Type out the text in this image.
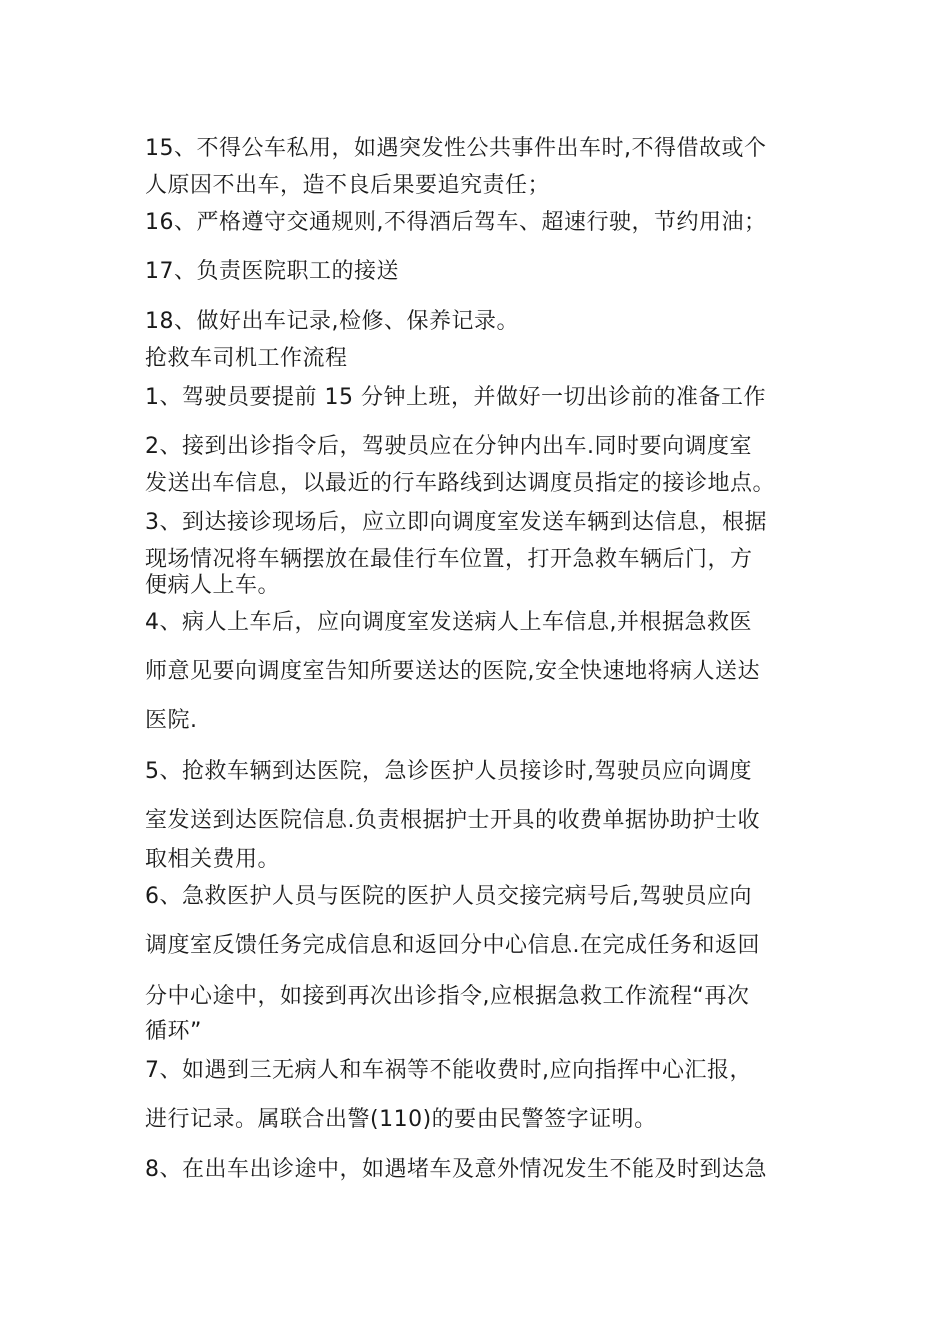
15、不得公车私用，如遇突发性公共事件出车时,不得借故或个
人原因不出车，造不良后果要追究责任；
16、严格遵守交通规则,不得酒后驾车、超速行驶，节约用油；
17、负责医院职工的接送
18、做好出车记录,检修、保养记录。
抢救车司机工作流程
1、驾驶员要提前 15 分钟上班，并做好一切出诊前的准备工作
2、接到出诊指令后，驾驶员应在分钟内出车.同时要向调度室
发送出车信息，以最近的行车路线到达调度员指定的接诊地点。
3、到达接诊现场后，应立即向调度室发送车辆到达信息，根据
现场情况将车辆摆放在最佳行车位置，打开急救车辆后门，方
便病人上车。
4、病人上车后，应向调度室发送病人上车信息,并根据急救医
师意见要向调度室告知所要送达的医院,安全快速地将病人送达
医院.
5、抢救车辆到达医院，急诊医护人员接诊时,驾驶员应向调度
室发送到达医院信息.负责根据护士开具的收费单据协助护士收
取相关费用。
6、急救医护人员与医院的医护人员交接完病号后,驾驶员应向
调度室反馈任务完成信息和返回分中心信息.在完成任务和返回
分中心途中，如接到再次出诊指令,应根据急救工作流程“再次
循环”
7、如遇到三无病人和车祸等不能收费时,应向指挥中心汇报，
进行记录。属联合出警(110)的要由民警签字证明。
8、在出车出诊途中，如遇堵车及意外情况发生不能及时到达急
